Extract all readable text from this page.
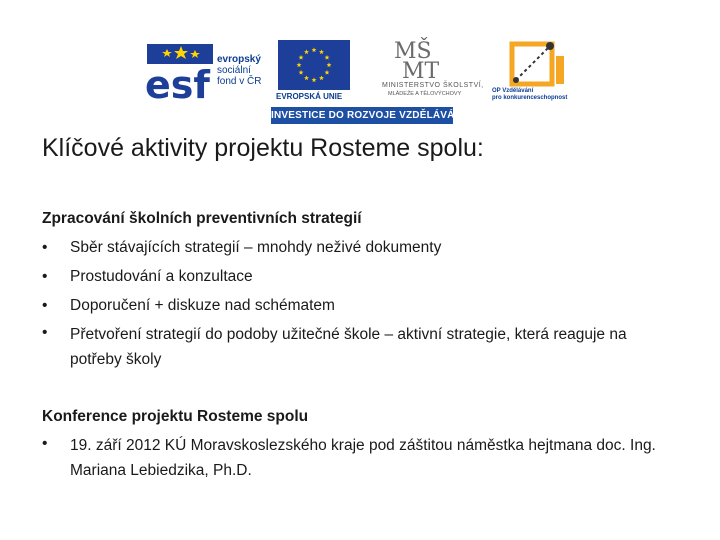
esf
evropský
sociální
fond v ČR
EVROPSKÁ UNIE
MŠ
MT
MINISTERSTVO ŠKOLSTVÍ,
MLÁDEŽE A TĚLOVÝCHOVY	OP Vzdělávání
pro konkurenceschopnost
INVESTICE DO ROZVOJE VZDĚLÁVÁNÍ
Klíčové aktivity projektu Rosteme spolu:

Zpracování školních preventivních strategií

• Sběr stávajících strategií – mnohdy neživé dokumenty
• Prostudování a konzultace
• Doporučení + diskuze nad schématem
• Přetvoření strategií do podoby užitečné škole – aktivní strategie, která reaguje na potřeby školy

Konference projektu Rosteme spolu

• 19. září 2012 KÚ Moravskoslezského kraje pod záštitou náměstka hejtmana doc. Ing. Mariana Lebiedzika, Ph.D.
